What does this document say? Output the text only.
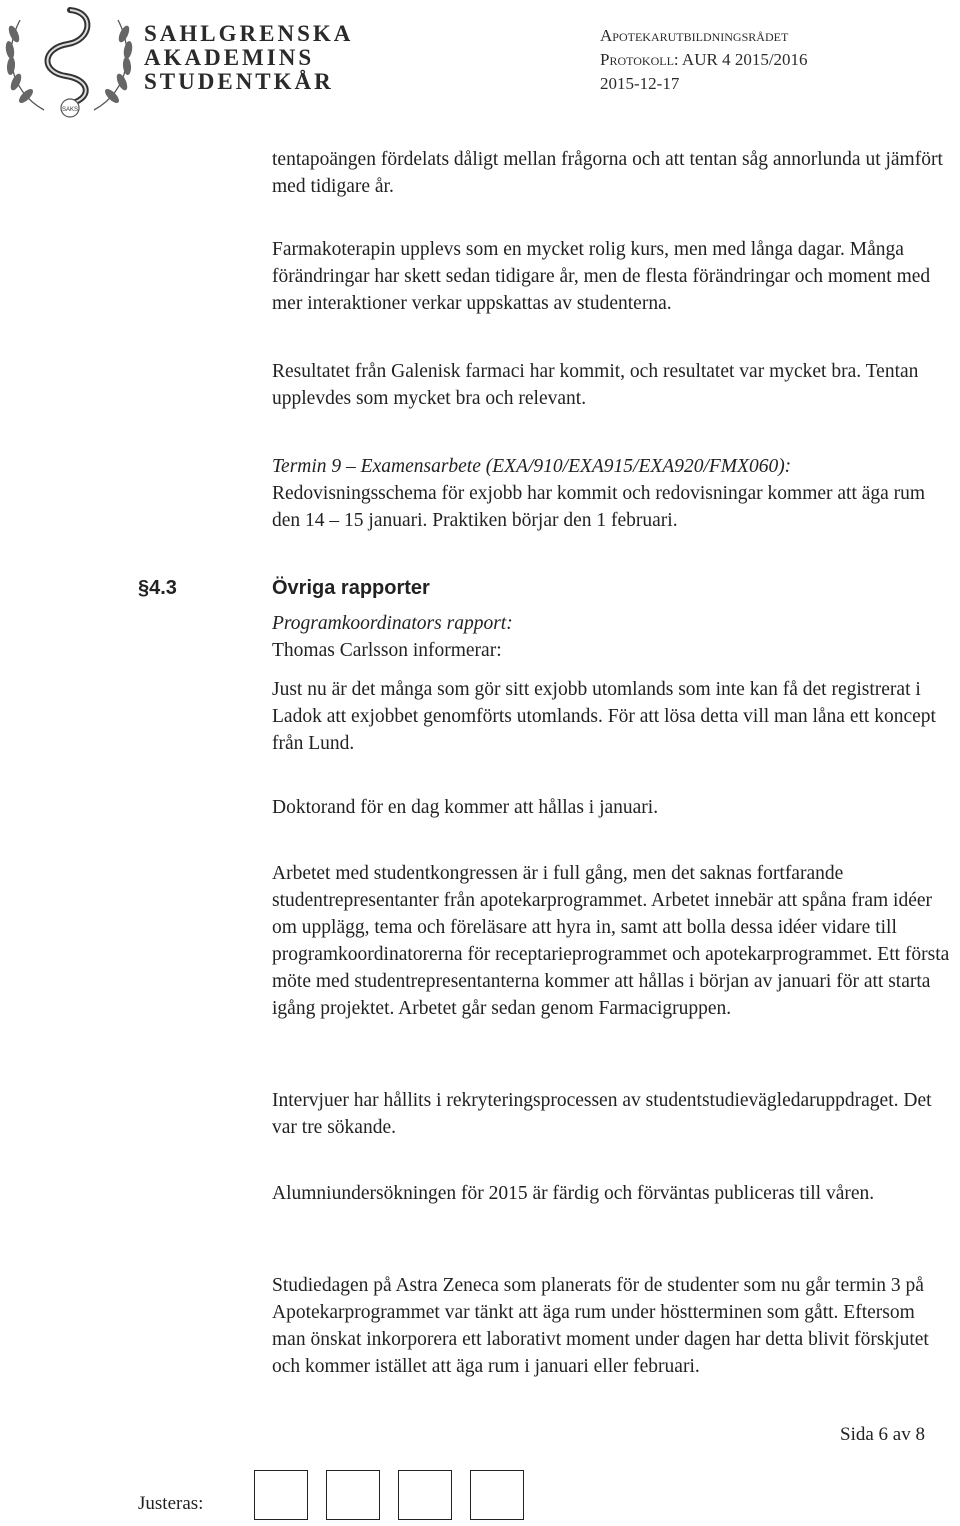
SAKS
SAHLGRENSKA
AKADEMINS
STUDENTKÅR
Apotekarutbildningsrådet
Protokoll: AUR 4 2015/2016
2015-12-17

tentapoängen fördelats dåligt mellan frågorna och att tentan såg annorlunda ut jämfört med tidigare år.

Farmakoterapin upplevs som en mycket rolig kurs, men med långa dagar. Många förändringar har skett sedan tidigare år, men de flesta förändringar och moment med mer interaktioner verkar uppskattas av studenterna.

Resultatet från Galenisk farmaci har kommit, och resultatet var mycket bra. Tentan upplevdes som mycket bra och relevant.

Termin 9 – Examensarbete (EXA/910/EXA915/EXA920/FMX060):

Redovisningsschema för exjobb har kommit och redovisningar kommer att äga rum den 14 – 15 januari. Praktiken börjar den 1 februari.

§4.3	Övriga rapporter

Programkoordinators rapport:

Thomas Carlsson informerar:

Just nu är det många som gör sitt exjobb utomlands som inte kan få det registrerat i Ladok att exjobbet genomförts utomlands. För att lösa detta vill man låna ett koncept från Lund.

Doktorand för en dag kommer att hållas i januari.

Arbetet med studentkongressen är i full gång, men det saknas fortfarande studentrepresentanter från apotekarprogrammet. Arbetet innebär att spåna fram idéer om upplägg, tema och föreläsare att hyra in, samt att bolla dessa idéer vidare till programkoordinatorerna för receptarieprogrammet och apotekarprogrammet. Ett första möte med studentrepresentanterna kommer att hållas i början av januari för att starta igång projektet. Arbetet går sedan genom Farmacigruppen.

Intervjuer har hållits i rekryteringsprocessen av studentstudievägledaruppdraget. Det var tre sökande.

Alumniundersökningen för 2015 är färdig och förväntas publiceras till våren.

Studiedagen på Astra Zeneca som planerats för de studenter som nu går termin 3 på Apotekarprogrammet var tänkt att äga rum under höstterminen som gått. Eftersom man önskat inkorporera ett laborativt moment under dagen har detta blivit förskjutet och kommer istället att äga rum i januari eller februari.

Sida 6 av 8
Justeras:
